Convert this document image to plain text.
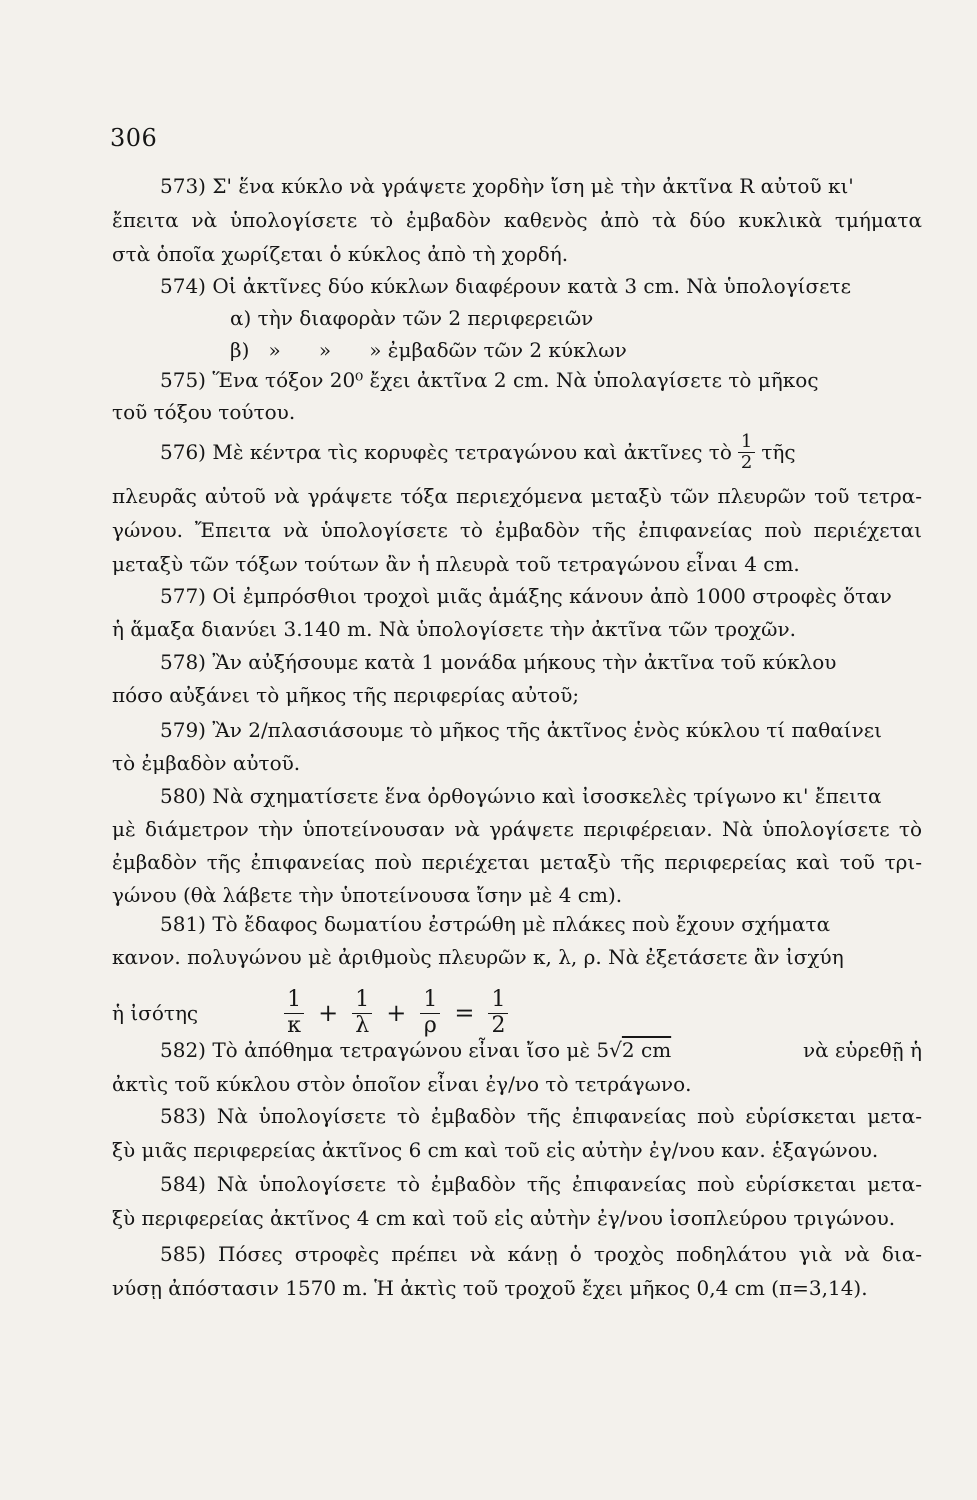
306
573) Σ' ἕνα κύκλο νὰ γράψετε χορδὴν ἴση μὲ τὴν ἀκτῖνα R αὐτοῦ κι'
ἔπειτα νὰ ὑπολογίσετε τὸ ἐμβαδὸν καθενὸς ἀπὸ τὰ δύο κυκλικὰ τμήματα
στὰ ὁποῖα χωρίζεται ὁ κύκλος ἀπὸ τὴ χορδή.
574) Οἱ ἀκτῖνες δύο κύκλων διαφέρουν κατὰ 3 cm. Νὰ ὑπολογίσετε
α) τὴν διαφορὰν τῶν 2 περιφερειῶν
β)   »      »      » ἐμβαδῶν τῶν 2 κύκλων
575) Ἕνα τόξον 20⁰ ἔχει ἀκτῖνα 2 cm. Νὰ ὑπολαγίσετε τὸ μῆκος
τοῦ τόξου τούτου.
576) Μὲ κέντρα τὶς κορυφὲς τετραγώνου καὶ ἀκτῖνες τὸ $\frac{1}{2}$ τῆς
πλευρᾶς αὐτοῦ νὰ γράψετε τόξα περιεχόμενα μεταξὺ τῶν πλευρῶν τοῦ τετρα-
γώνου. Ἔπειτα νὰ ὑπολογίσετε τὸ ἐμβαδὸν τῆς ἐπιφανείας ποὺ περιέχεται
μεταξὺ τῶν τόξων τούτων ἂν ἡ πλευρὰ τοῦ τετραγώνου εἶναι 4 cm.
577) Οἱ ἐμπρόσθιοι τροχοὶ μιᾶς ἁμάξης κάνουν ἀπὸ 1000 στροφὲς ὅταν
ἡ ἅμαξα διανύει 3.140 m. Νὰ ὑπολογίσετε τὴν ἀκτῖνα τῶν τροχῶν.
578) Ἂν αὐξήσουμε κατὰ 1 μονάδα μήκους τὴν ἀκτῖνα τοῦ κύκλου
πόσο αὐξάνει τὸ μῆκος τῆς περιφερίας αὐτοῦ;
579) Ἂν 2/πλασιάσουμε τὸ μῆκος τῆς ἀκτῖνος ἑνὸς κύκλου τί παθαίνει
τὸ ἐμβαδὸν αὐτοῦ.
580) Νὰ σχηματίσετε ἕνα ὀρθογώνιο καὶ ἰσοσκελὲς τρίγωνο κι' ἔπειτα
μὲ διάμετρον τὴν ὑποτείνουσαν νὰ γράψετε περιφέρειαν. Νὰ ὑπολογίσετε τὸ
ἐμβαδὸν τῆς ἐπιφανείας ποὺ περιέχεται μεταξὺ τῆς περιφερείας καὶ τοῦ τρι-
γώνου (θὰ λάβετε τὴν ὑποτείνουσα ἴσην μὲ 4 cm).
581) Τὸ ἔδαφος δωματίου ἐστρώθη μὲ πλάκες ποὺ ἔχουν σχήματα
κανον. πολυγώνου μὲ ἀριθμοὺς πλευρῶν κ, λ, ρ. Νὰ ἐξετάσετε ἂν ἰσχύη
ἡ ἰσότης	$\frac{1}{\kappa} + \frac{1}{\lambda} + \frac{1}{\rho} = \frac{1}{2}$
582) Τὸ ἀπόθημα τετραγώνου εἶναι ἴσο μὲ 5√2 cm	νὰ εὑρεθῇ ἡ
ἀκτὶς τοῦ κύκλου στὸν ὁποῖον εἶναι ἐγ/νο τὸ τετράγωνο.
583) Νὰ ὑπολογίσετε τὸ ἐμβαδὸν τῆς ἐπιφανείας ποὺ εὑρίσκεται μετα-
ξὺ μιᾶς περιφερείας ἀκτῖνος 6 cm καὶ τοῦ εἰς αὐτὴν ἐγ/νου καν. ἑξαγώνου.
584) Νὰ ὑπολογίσετε τὸ ἐμβαδὸν τῆς ἐπιφανείας ποὺ εὑρίσκεται μετα-
ξὺ περιφερείας ἀκτῖνος 4 cm καὶ τοῦ εἰς αὐτὴν ἐγ/νου ἰσοπλεύρου τριγώνου.
585) Πόσες στροφὲς πρέπει νὰ κάνῃ ὁ τροχὸς ποδηλάτου γιὰ νὰ δια-
νύσῃ ἀπόστασιν 1570 m. Ἡ ἀκτὶς τοῦ τροχοῦ ἔχει μῆκος 0,4 cm (π=3,14).
